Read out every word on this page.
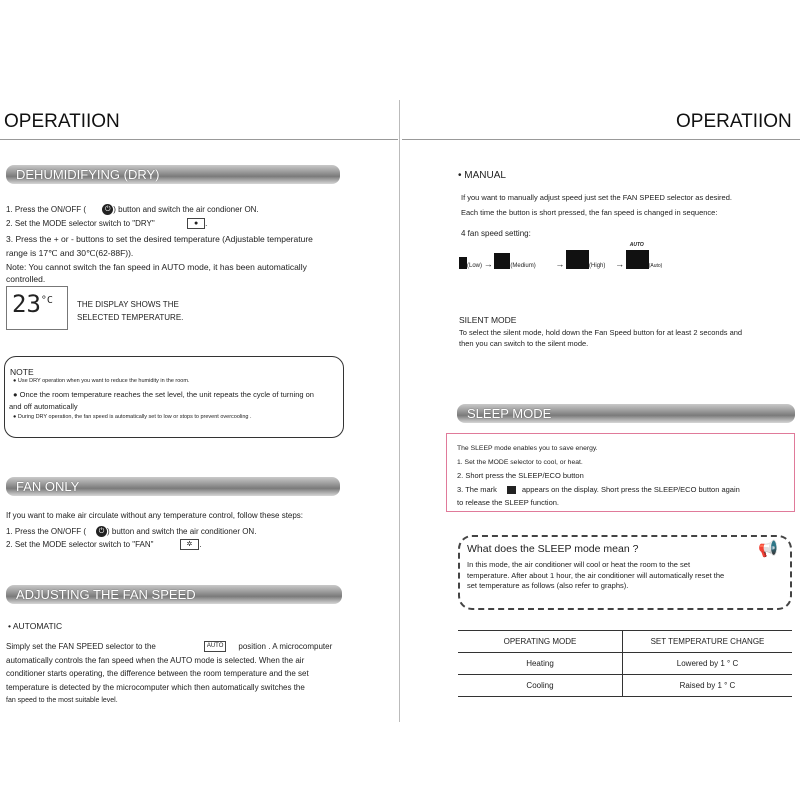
OPERATIION
DEHUMIDIFYING (DRY)
1. Press the ON/OFF (	⏻ ) button and switch the air condioner ON.
2. Set the MODE selector switch to "DRY"	● .
3. Press the + or - buttons to set the desired temperature (Adjustable temperature
range is 17℃ and 30℃(62-88F)).
Note: You cannot switch the fan speed in AUTO mode, it has been automatically
controlled.
$23^{^\circ C}$	THE DISPLAY SHOWS THE
SELECTED TEMPERATURE.
NOTE
● Use DRY operation when you want to reduce the humidity in the room.
● Once the room temperature reaches the set level, the unit repeats the cycle of turning on
and off automatically
● During DRY operation, the fan speed is automatically set to low or stops to prevent overcooling .
FAN ONLY
If you want to make air circulate without any temperature control, follow these steps:
1. Press the ON/OFF ( ⏻ ) button and switch the air conditioner ON.
2. Set the MODE selector switch to "FAN"	✲ .
ADJUSTING THE FAN SPEED
• AUTOMATIC
Simply set the FAN SPEED selector to the	AUTO position . A microcomputer
automatically controls the fan speed when the AUTO mode is selected. When the air
conditioner starts operating, the difference between the room temperature and the set
temperature is detected by the microcomputer which then automatically switches the
fan speed to the most suitable level.
OPERATIION
• MANUAL
If you want to manually adjust speed just set the FAN SPEED selector as desired.
Each time the button is short pressed, the fan speed is changed in sequence:
4 fan speed setting:
(Low) →	(Medium) →	(High) →
AUTO
(Auto)
SILENT MODE
To select the silent mode, hold down the Fan Speed button for at least 2 seconds and
then you can switch to the silent mode.
SLEEP MODE
The SLEEP mode enables you to save energy.
1. Set the MODE selector to cool, or heat.
2. Short press the SLEEP/ECO button
3. The mark	appears on the display. Short press the SLEEP/ECO button again
to release the SLEEP function.
What does the SLEEP mode mean ?	📢
In this mode, the air conditioner will cool or heat the room to the set
temperature. After about 1 hour, the air conditioner will automatically reset the
set temperature as follows (also refer to graphs).
OPERATING MODE	SET TEMPERATURE CHANGE
Heating	Lowered by 1 ° C
Cooling	Raised by 1 ° C
